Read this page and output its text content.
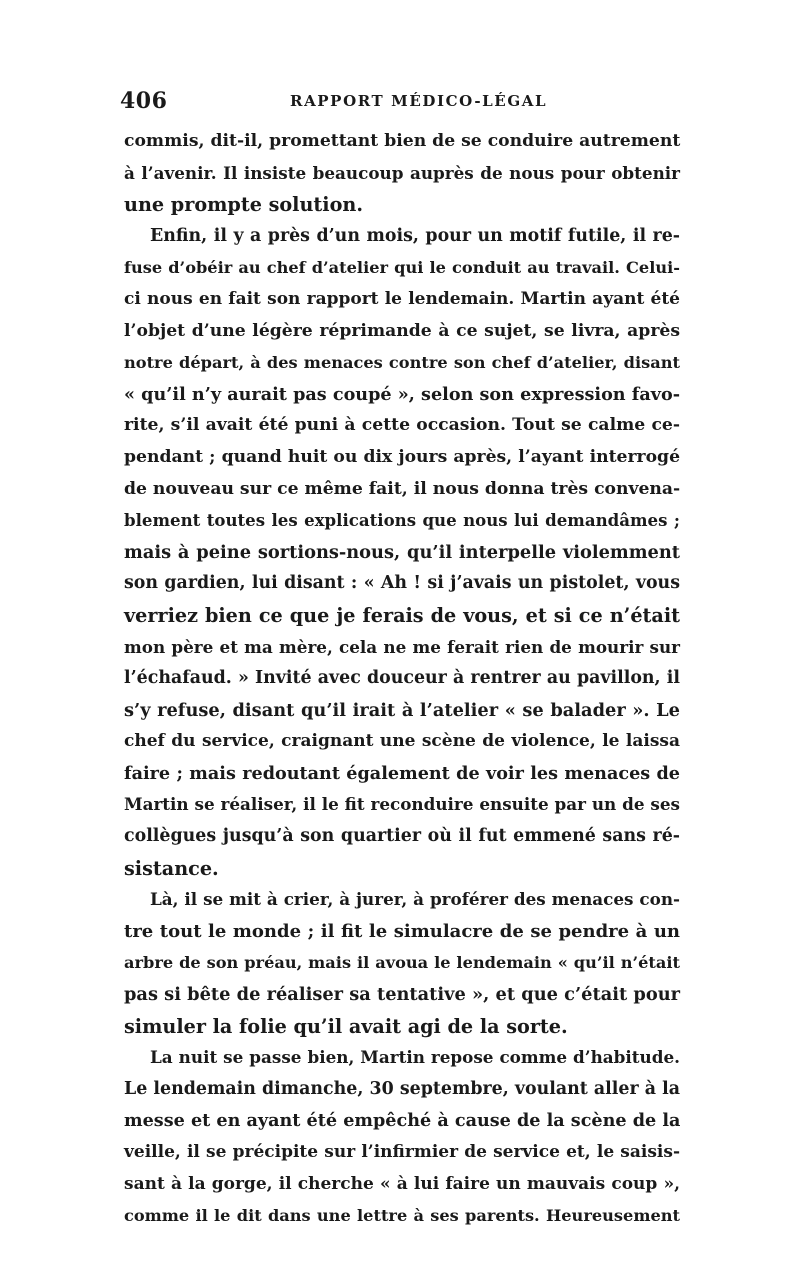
406	RAPPORT MÉDICO-LÉGAL
commis, dit-il, promettant bien de se conduire autrement
à l’avenir. Il insiste beaucoup auprès de nous pour obtenir
une prompte solution.
Enfin, il y a près d’un mois, pour un motif futile, il re-
fuse d’obéir au chef d’atelier qui le conduit au travail. Celui-
ci nous en fait son rapport le lendemain. Martin ayant été
l’objet d’une légère réprimande à ce sujet, se livra, après
notre départ, à des menaces contre son chef d’atelier, disant
« qu’il n’y aurait pas coupé », selon son expression favo-
rite, s’il avait été puni à cette occasion. Tout se calme ce-
pendant ; quand huit ou dix jours après, l’ayant interrogé
de nouveau sur ce même fait, il nous donna très convena-
blement toutes les explications que nous lui demandâmes ;
mais à peine sortions-nous, qu’il interpelle violemment
son gardien, lui disant : « Ah ! si j’avais un pistolet, vous
verriez bien ce que je ferais de vous, et si ce n’était
mon père et ma mère, cela ne me ferait rien de mourir sur
l’échafaud. » Invité avec douceur à rentrer au pavillon, il
s’y refuse, disant qu’il irait à l’atelier « se balader ». Le
chef du service, craignant une scène de violence, le laissa
faire ; mais redoutant également de voir les menaces de
Martin se réaliser, il le fit reconduire ensuite par un de ses
collègues jusqu’à son quartier où il fut emmené sans ré-
sistance.
Là, il se mit à crier, à jurer, à proférer des menaces con-
tre tout le monde ; il fit le simulacre de se pendre à un
arbre de son préau, mais il avoua le lendemain « qu’il n’était
pas si bête de réaliser sa tentative », et que c’était pour
simuler la folie qu’il avait agi de la sorte.
La nuit se passe bien, Martin repose comme d’habitude.
Le lendemain dimanche, 30 septembre, voulant aller à la
messe et en ayant été empêché à cause de la scène de la
veille, il se précipite sur l’infirmier de service et, le saisis-
sant à la gorge, il cherche « à lui faire un mauvais coup »,
comme il le dit dans une lettre à ses parents. Heureusement
